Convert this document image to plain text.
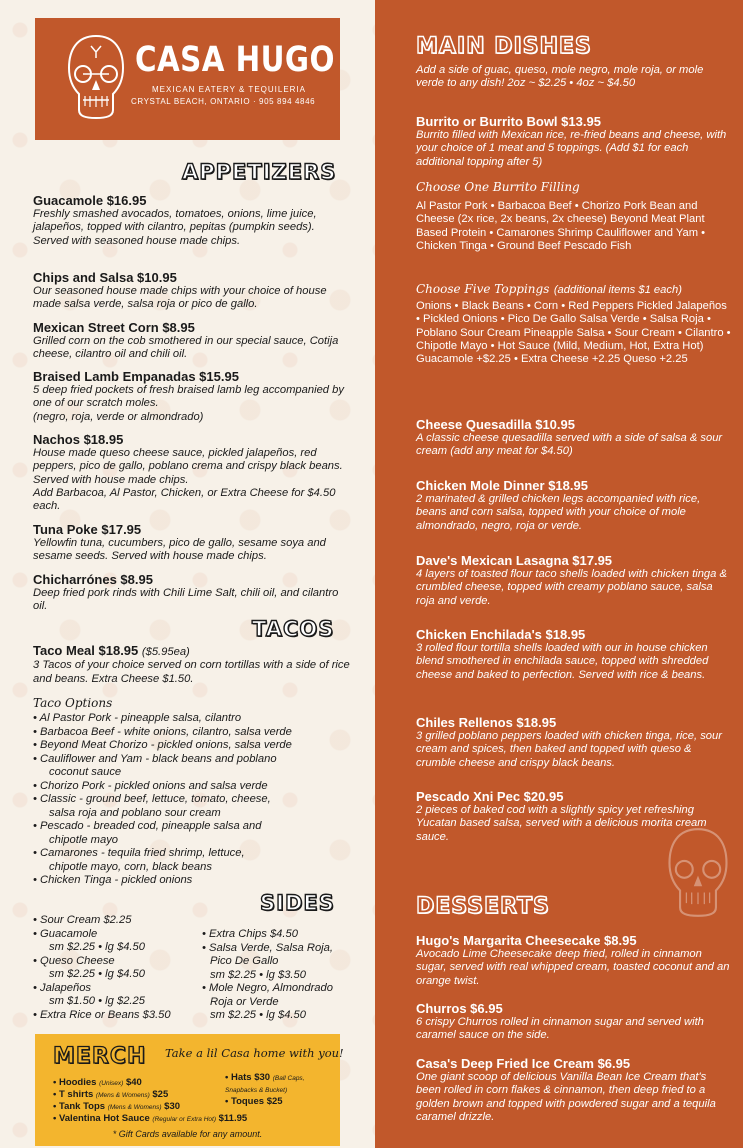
CASA HUGO
MEXICAN EATERY & TEQUILERIA
CRYSTAL BEACH, ONTARIO · 905 894 4846
APPETIZERS
Guacamole $16.95
Freshly smashed avocados, tomatoes, onions, lime juice, jalapeños, topped with cilantro, pepitas (pumpkin seeds).
Served with seasoned house made chips.
Chips and Salsa $10.95
Our seasoned house made chips with your choice of house made salsa verde, salsa roja or pico de gallo.
Mexican Street Corn $8.95
Grilled corn on the cob smothered in our special sauce, Cotija cheese, cilantro oil and chili oil.
Braised Lamb Empanadas $15.95
5 deep fried pockets of fresh braised lamb leg accompanied by one of our scratch moles.
(negro, roja, verde or almondrado)
Nachos $18.95
House made queso cheese sauce, pickled jalapeños, red peppers, pico de gallo, poblano crema and crispy black beans. Served with house made chips.
Add Barbacoa, Al Pastor, Chicken, or Extra Cheese for $4.50 each.
Tuna Poke $17.95
Yellowfin tuna, cucumbers, pico de gallo, sesame soya and sesame seeds. Served with house made chips.
Chicharrónes $8.95
Deep fried pork rinds with Chili Lime Salt, chili oil, and cilantro oil.
TACOS
Taco Meal $18.95 ($5.95ea)
3 Tacos of your choice served on corn tortillas with a side of rice and beans. Extra Cheese $1.50.
Taco Options
• Al Pastor Pork - pineapple salsa, cilantro
• Barbacoa Beef - white onions, cilantro, salsa verde
• Beyond Meat Chorizo - pickled onions, salsa verde
• Cauliflower and Yam - black beans and poblano
coconut sauce
• Chorizo Pork - pickled onions and salsa verde
• Classic - ground beef, lettuce, tomato, cheese,
salsa roja and poblano sour cream
• Pescado - breaded cod, pineapple salsa and
chipotle mayo
• Camarones - tequila fried shrimp, lettuce,
chipotle mayo, corn, black beans
• Chicken Tinga - pickled onions
SIDES
• Sour Cream $2.25
• Guacamole
sm $2.25 • lg $4.50
• Queso Cheese
sm $2.25 • lg $4.50
• Jalapeños
sm $1.50 • lg $2.25
• Extra Rice or Beans $3.50
• Extra Chips $4.50
• Salsa Verde, Salsa Roja,
Pico De Gallo
sm $2.25 • lg $3.50
• Mole Negro, Almondrado
Roja or Verde
sm $2.25 • lg $4.50
MERCH Take a lil Casa home with you!
• Hoodies (Unisex) $40
• T shirts (Mens & Womens) $25
• Tank Tops (Mens & Womens) $30
• Valentina Hot Sauce (Regular or Extra Hot) $11.95
• Hats $30 (Ball Caps, Snapbacks & Bucket)
• Toques $25
* Gift Cards available for any amount.
MAIN DISHES
Add a side of guac, queso, mole negro, mole roja, or mole verde to any dish! 2oz ~ $2.25 • 4oz ~ $4.50
Burrito or Burrito Bowl $13.95
Burrito filled with Mexican rice, re-fried beans and cheese, with your choice of 1 meat and 5 toppings. (Add $1 for each additional topping after 5)
Choose One Burrito Filling
Al Pastor Pork • Barbacoa Beef • Chorizo Pork Bean and Cheese (2x rice, 2x beans, 2x cheese) Beyond Meat Plant Based Protein • Camarones Shrimp Cauliflower and Yam • Chicken Tinga • Ground Beef Pescado Fish
Choose Five Toppings (additional items $1 each)
Onions • Black Beans • Corn • Red Peppers Pickled Jalapeños • Pickled Onions • Pico De Gallo Salsa Verde • Salsa Roja • Poblano Sour Cream Pineapple Salsa • Sour Cream • Cilantro • Chipotle Mayo • Hot Sauce (Mild, Medium, Hot, Extra Hot) Guacamole +$2.25 • Extra Cheese +2.25 Queso +2.25
Cheese Quesadilla $10.95
A classic cheese quesadilla served with a side of salsa & sour cream (add any meat for $4.50)
Chicken Mole Dinner $18.95
2 marinated & grilled chicken legs accompanied with rice, beans and corn salsa, topped with your choice of mole almondrado, negro, roja or verde.
Dave's Mexican Lasagna $17.95
4 layers of toasted flour taco shells loaded with chicken tinga & crumbled cheese, topped with creamy poblano sauce, salsa roja and verde.
Chicken Enchilada's $18.95
3 rolled flour tortilla shells loaded with our in house chicken blend smothered in enchilada sauce, topped with shredded cheese and baked to perfection. Served with rice & beans.
Chiles Rellenos $18.95
3 grilled poblano peppers loaded with chicken tinga, rice, sour cream and spices, then baked and topped with queso & crumble cheese and crispy black beans.
Pescado Xni Pec $20.95
2 pieces of baked cod with a slightly spicy yet refreshing Yucatan based salsa, served with a delicious morita cream sauce.
DESSERTS
Hugo's Margarita Cheesecake $8.95
Avocado Lime Cheesecake deep fried, rolled in cinnamon sugar, served with real whipped cream, toasted coconut and an orange twist.
Churros $6.95
6 crispy Churros rolled in cinnamon sugar and served with caramel sauce on the side.
Casa's Deep Fried Ice Cream $6.95
One giant scoop of delicious Vanilla Bean Ice Cream that's been rolled in corn flakes & cinnamon, then deep fried to a golden brown and topped with powdered sugar and a tequila caramel drizzle.
